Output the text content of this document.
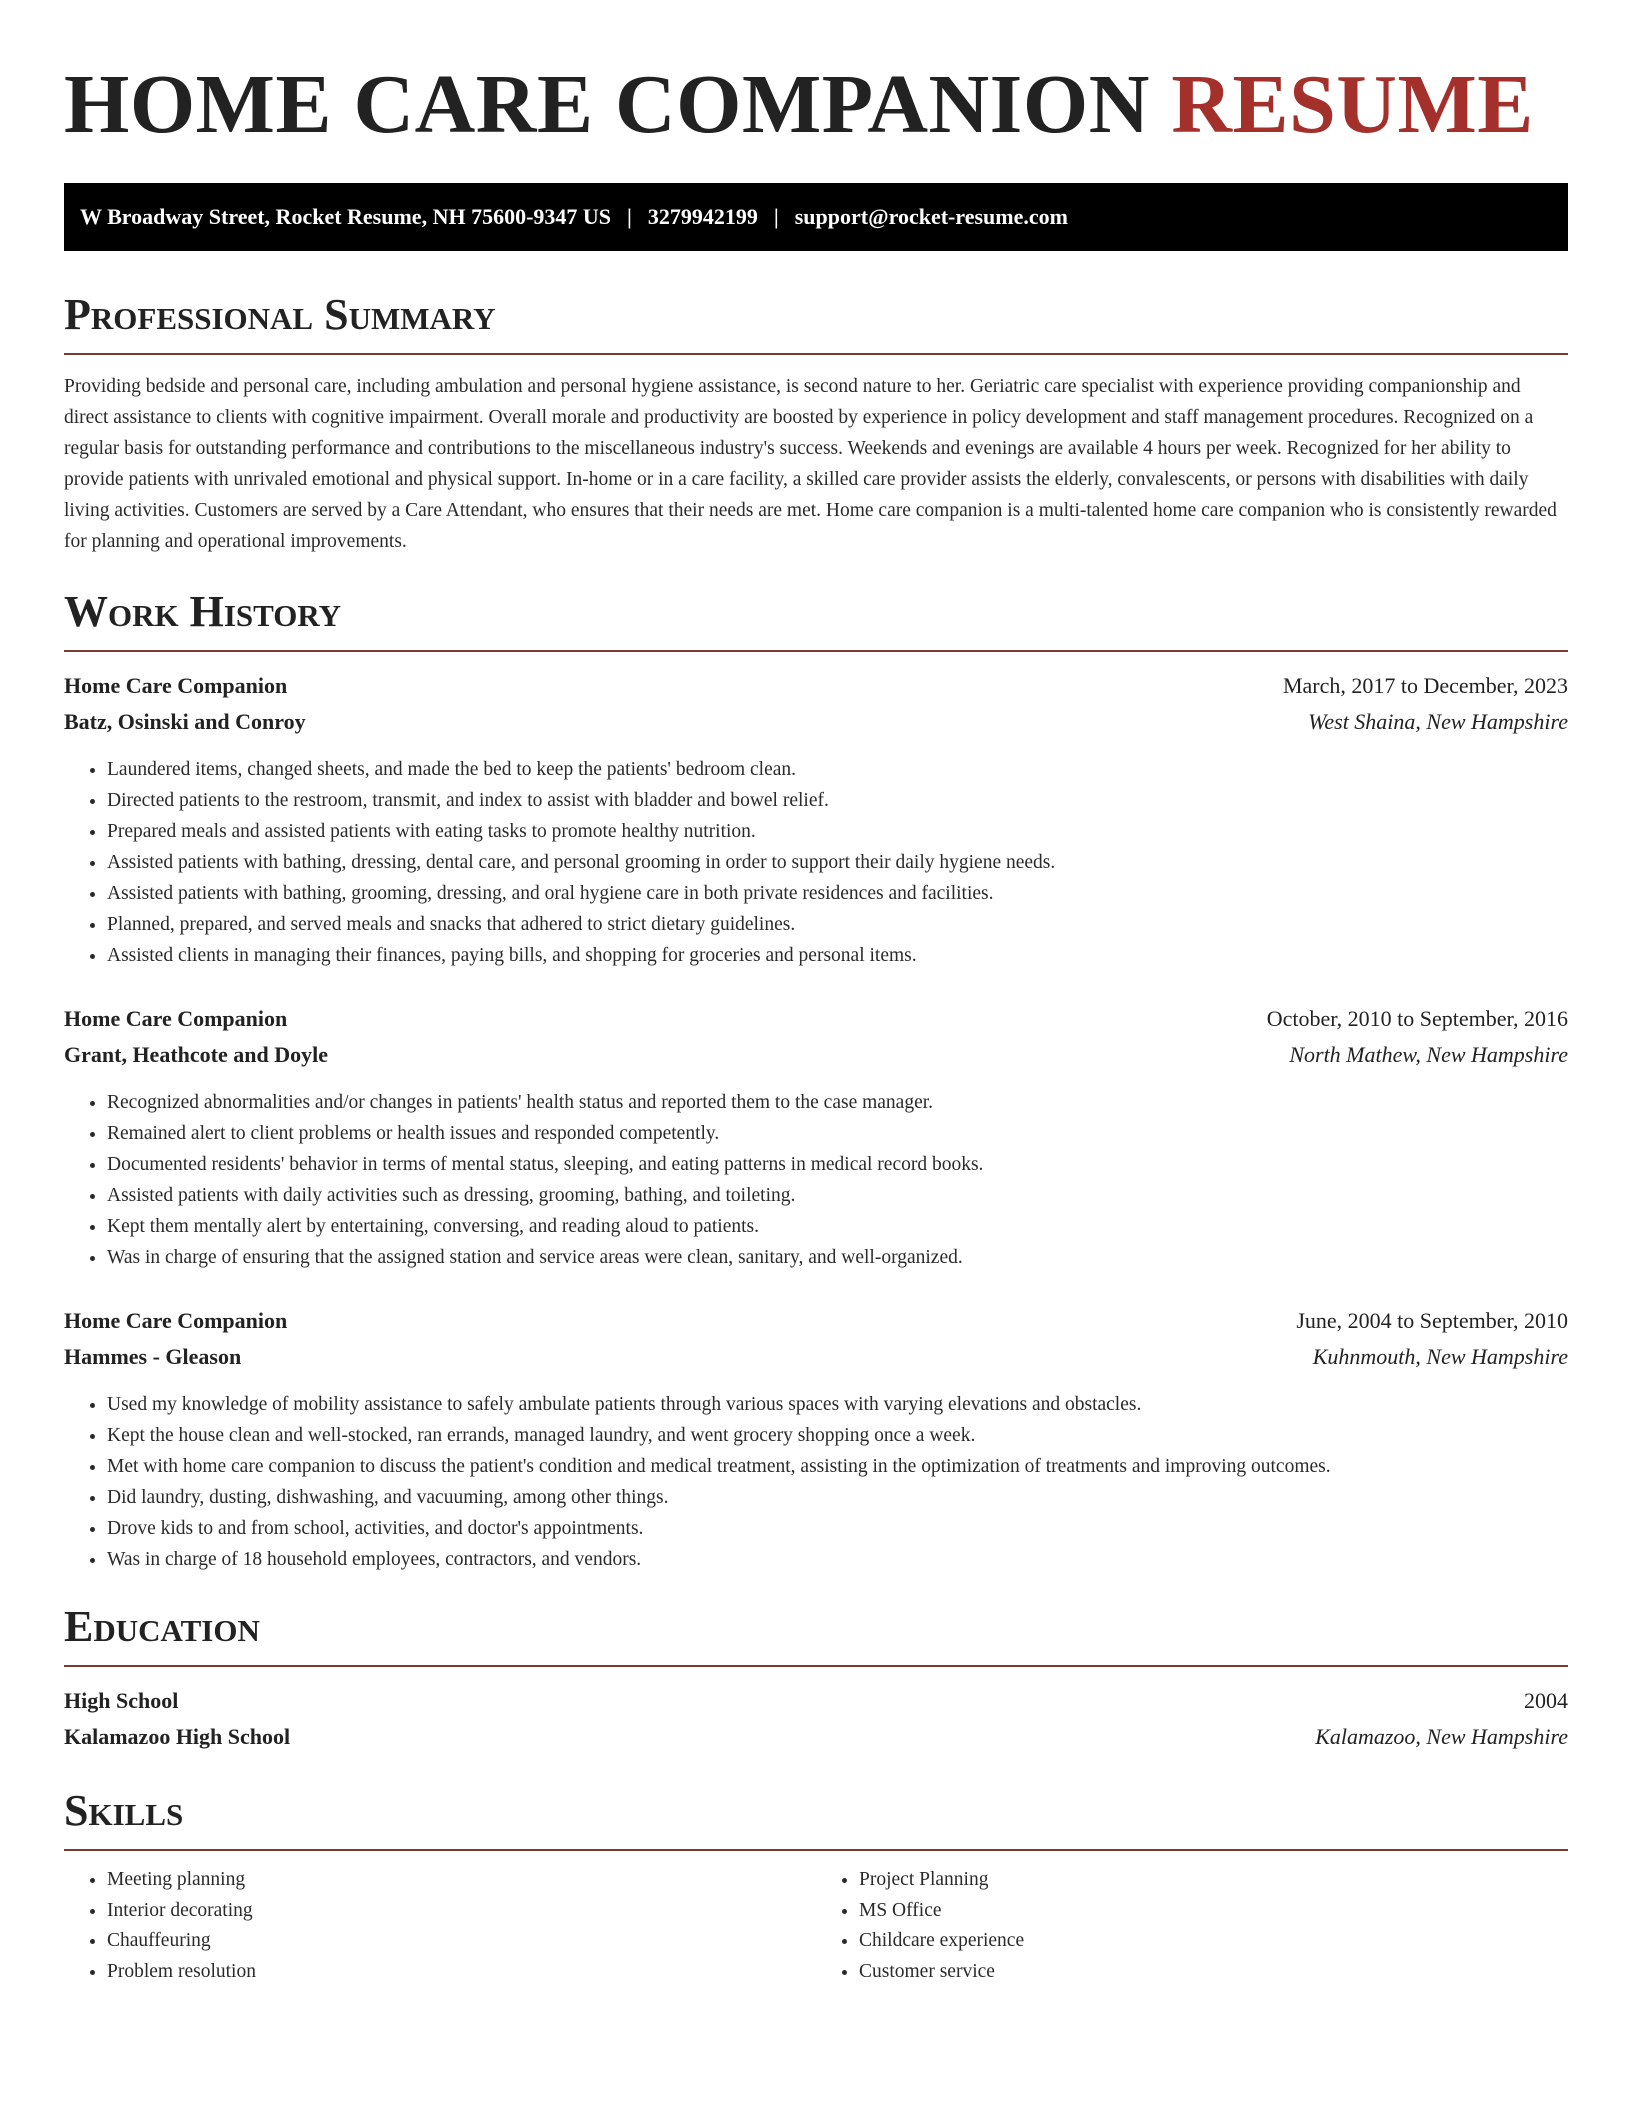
HOME CARE COMPANION RESUME
W Broadway Street, Rocket Resume, NH 75600-9347 US | 3279942199 | support@rocket-resume.com
Professional Summary

Providing bedside and personal care, including ambulation and personal hygiene assistance, is second nature to her. Geriatric care specialist with experience providing companionship and direct assistance to clients with cognitive impairment. Overall morale and productivity are boosted by experience in policy development and staff management procedures. Recognized on a regular basis for outstanding performance and contributions to the miscellaneous industry's success. Weekends and evenings are available 4 hours per week. Recognized for her ability to provide patients with unrivaled emotional and physical support. In-home or in a care facility, a skilled care provider assists the elderly, convalescents, or persons with disabilities with daily living activities. Customers are served by a Care Attendant, who ensures that their needs are met. Home care companion is a multi-talented home care companion who is consistently rewarded for planning and operational improvements.

Work History
Home Care Companion	March, 2017 to December, 2023
Batz, Osinski and Conroy	West Shaina, New Hampshire
• Laundered items, changed sheets, and made the bed to keep the patients' bedroom clean.
• Directed patients to the restroom, transmit, and index to assist with bladder and bowel relief.
• Prepared meals and assisted patients with eating tasks to promote healthy nutrition.
• Assisted patients with bathing, dressing, dental care, and personal grooming in order to support their daily hygiene needs.
• Assisted patients with bathing, grooming, dressing, and oral hygiene care in both private residences and facilities.
• Planned, prepared, and served meals and snacks that adhered to strict dietary guidelines.
• Assisted clients in managing their finances, paying bills, and shopping for groceries and personal items.
Home Care Companion	October, 2010 to September, 2016
Grant, Heathcote and Doyle	North Mathew, New Hampshire
• Recognized abnormalities and/or changes in patients' health status and reported them to the case manager.
• Remained alert to client problems or health issues and responded competently.
• Documented residents' behavior in terms of mental status, sleeping, and eating patterns in medical record books.
• Assisted patients with daily activities such as dressing, grooming, bathing, and toileting.
• Kept them mentally alert by entertaining, conversing, and reading aloud to patients.
• Was in charge of ensuring that the assigned station and service areas were clean, sanitary, and well-organized.
Home Care Companion	June, 2004 to September, 2010
Hammes - Gleason	Kuhnmouth, New Hampshire
• Used my knowledge of mobility assistance to safely ambulate patients through various spaces with varying elevations and obstacles.
• Kept the house clean and well-stocked, ran errands, managed laundry, and went grocery shopping once a week.
• Met with home care companion to discuss the patient's condition and medical treatment, assisting in the optimization of treatments and improving outcomes.
• Did laundry, dusting, dishwashing, and vacuuming, among other things.
• Drove kids to and from school, activities, and doctor's appointments.
• Was in charge of 18 household employees, contractors, and vendors.
Education
High School	2004
Kalamazoo High School	Kalamazoo, New Hampshire
Skills
• Meeting planning
• Interior decorating
• Chauffeuring
• Problem resolution
• Project Planning
• MS Office
• Childcare experience
• Customer service
